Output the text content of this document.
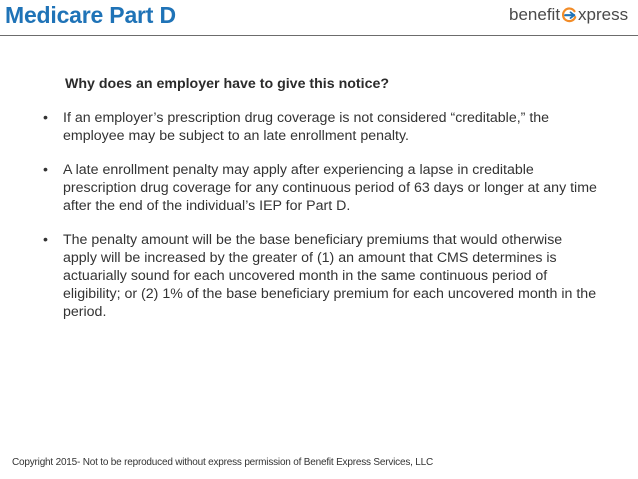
Medicare Part D	benefit xpress

Why does an employer have to give this notice?

• If an employer’s prescription drug coverage is not considered “creditable,” the employee may be subject to an late enrollment penalty.
• A late enrollment penalty may apply after experiencing a lapse in creditable prescription drug coverage for any continuous period of 63 days or longer at any time after the end of the individual’s IEP for Part D.
• The penalty amount will be the base beneficiary premiums that would otherwise apply will be increased by the greater of (1) an amount that CMS determines is actuarially sound for each uncovered month in the same continuous period of eligibility; or (2) 1% of the base beneficiary premium for each uncovered month in the period.
Copyright 2015- Not to be reproduced without express permission of Benefit Express Services, LLC
